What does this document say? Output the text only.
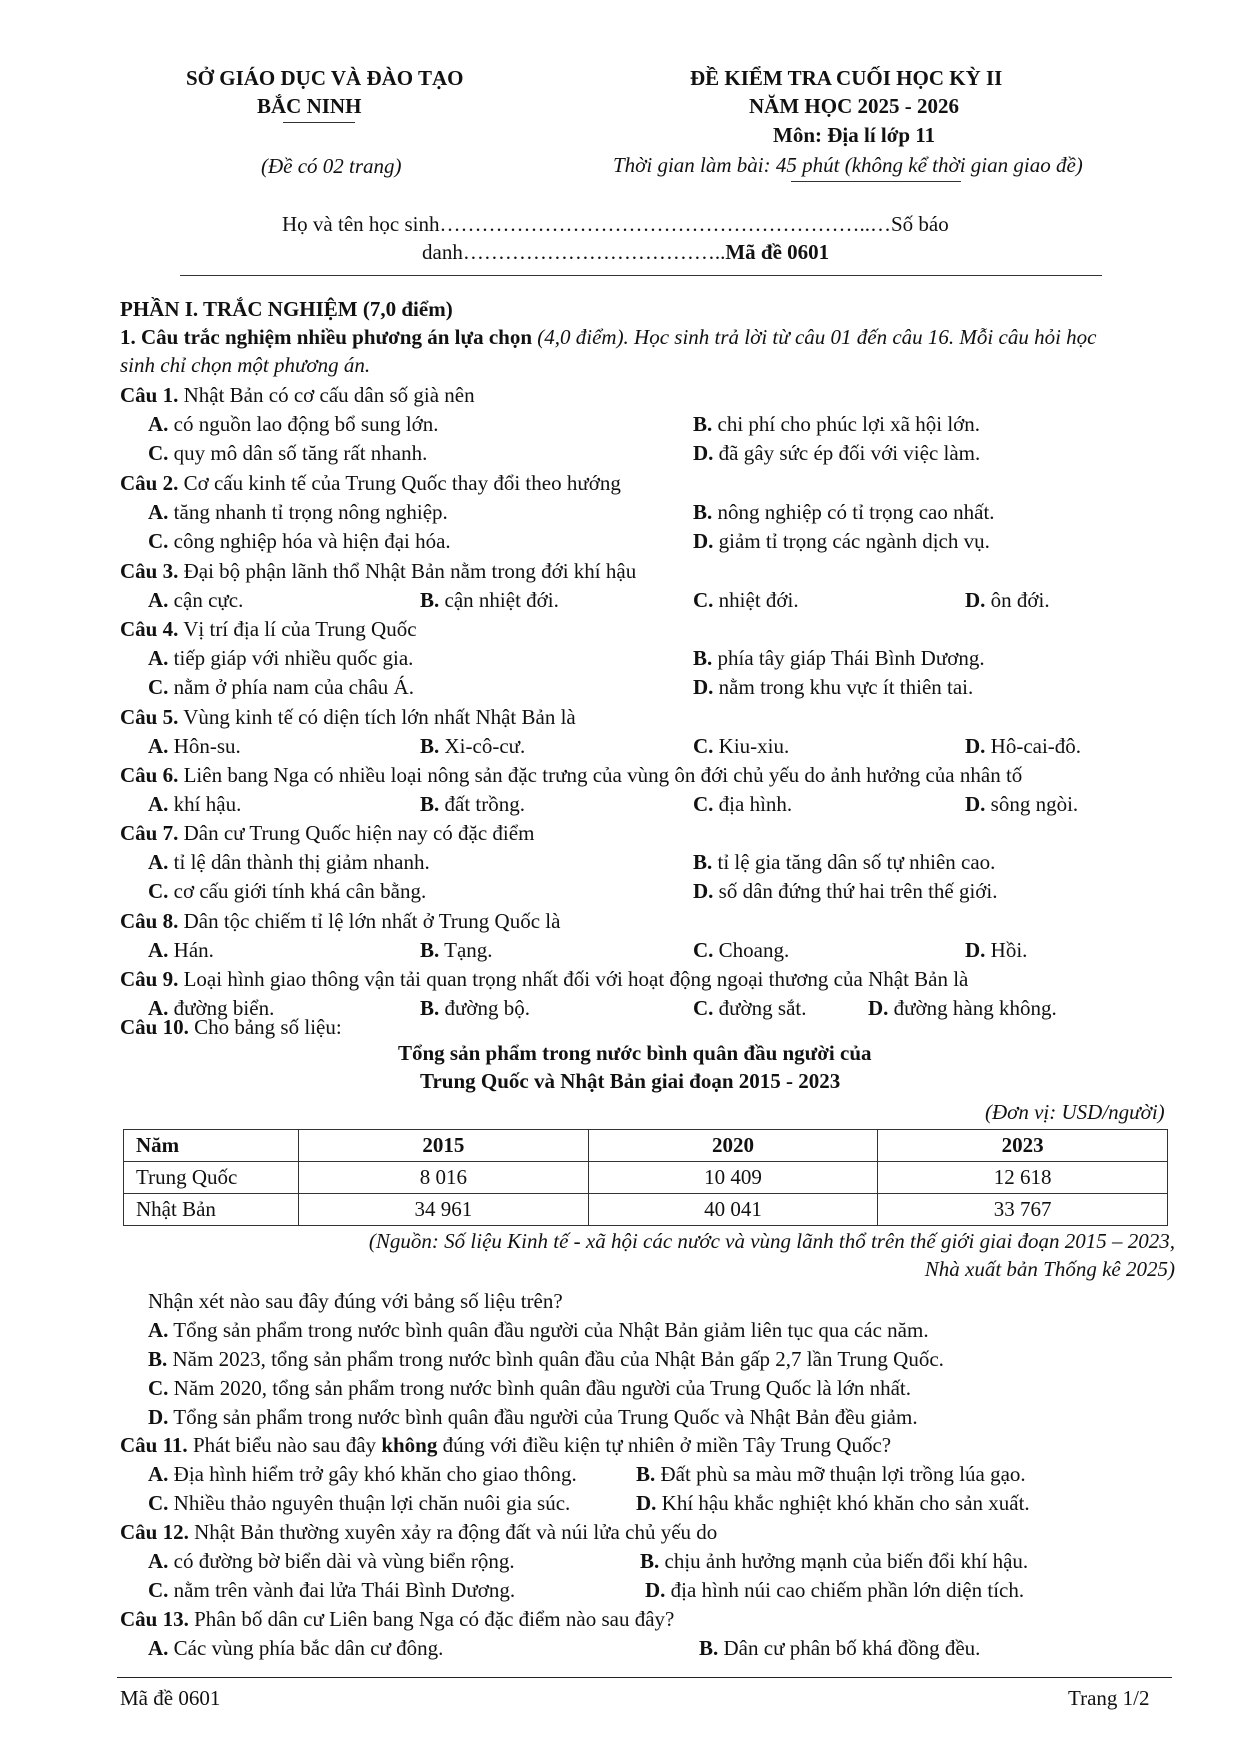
SỞ GIÁO DỤC VÀ ĐÀO TẠO
BẮC NINH
(Đề có 02 trang)
ĐỀ KIỂM TRA CUỐI HỌC KỲ II
NĂM HỌC 2025 - 2026
Môn: Địa lí lớp 11
Thời gian làm bài: 45 phút (không kể thời gian giao đề)
Họ và tên học sinh……………………………………………………..…Số báo
danh………………………………..Mã đề 0601
PHẦN I. TRẮC NGHIỆM (7,0 điểm)
1. Câu trắc nghiệm nhiều phương án lựa chọn (4,0 điểm). Học sinh trả lời từ câu 01 đến câu 16. Mỗi câu hỏi học
sinh chỉ chọn một phương án.
Câu 1. Nhật Bản có cơ cấu dân số già nên
A. có nguồn lao động bổ sung lớn.	B. chi phí cho phúc lợi xã hội lớn.
C. quy mô dân số tăng rất nhanh.	D. đã gây sức ép đối với việc làm.
Câu 2. Cơ cấu kinh tế của Trung Quốc thay đổi theo hướng
A. tăng nhanh tỉ trọng nông nghiệp.	B. nông nghiệp có tỉ trọng cao nhất.
C. công nghiệp hóa và hiện đại hóa.	D. giảm tỉ trọng các ngành dịch vụ.
Câu 3. Đại bộ phận lãnh thổ Nhật Bản nằm trong đới khí hậu
A. cận cực.	B. cận nhiệt đới.	C. nhiệt đới.	D. ôn đới.
Câu 4. Vị trí địa lí của Trung Quốc
A. tiếp giáp với nhiều quốc gia.	B. phía tây giáp Thái Bình Dương.
C. nằm ở phía nam của châu Á.	D. nằm trong khu vực ít thiên tai.
Câu 5. Vùng kinh tế có diện tích lớn nhất Nhật Bản là
A. Hôn-su.	B. Xi-cô-cư.	C. Kiu-xiu.	D. Hô-cai-đô.
Câu 6. Liên bang Nga có nhiều loại nông sản đặc trưng của vùng ôn đới chủ yếu do ảnh hưởng của nhân tố
A. khí hậu.	B. đất trồng.	C. địa hình.	D. sông ngòi.
Câu 7. Dân cư Trung Quốc hiện nay có đặc điểm
A. tỉ lệ dân thành thị giảm nhanh.	B. tỉ lệ gia tăng dân số tự nhiên cao.
C. cơ cấu giới tính khá cân bằng.	D. số dân đứng thứ hai trên thế giới.
Câu 8. Dân tộc chiếm tỉ lệ lớn nhất ở Trung Quốc là
A. Hán.	B. Tạng.	C. Choang.	D. Hồi.
Câu 9. Loại hình giao thông vận tải quan trọng nhất đối với hoạt động ngoại thương của Nhật Bản là
A. đường biển.	B. đường bộ.	C. đường sắt.	D. đường hàng không.
Câu 10. Cho bảng số liệu:
Tổng sản phẩm trong nước bình quân đầu người của
Trung Quốc và Nhật Bản giai đoạn 2015 - 2023
(Đơn vị: USD/người)
Năm	2015	2020	2023
Trung Quốc	8 016	10 409	12 618
Nhật Bản	34 961	40 041	33 767
(Nguồn: Số liệu Kinh tế - xã hội các nước và vùng lãnh thổ trên thế giới giai đoạn 2015 – 2023,
Nhà xuất bản Thống kê 2025)
Nhận xét nào sau đây đúng với bảng số liệu trên?
A. Tổng sản phẩm trong nước bình quân đầu người của Nhật Bản giảm liên tục qua các năm.
B. Năm 2023, tổng sản phẩm trong nước bình quân đầu của Nhật Bản gấp 2,7 lần Trung Quốc.
C. Năm 2020, tổng sản phẩm trong nước bình quân đầu người của Trung Quốc là lớn nhất.
D. Tổng sản phẩm trong nước bình quân đầu người của Trung Quốc và Nhật Bản đều giảm.
Câu 11. Phát biểu nào sau đây không đúng với điều kiện tự nhiên ở miền Tây Trung Quốc?
A. Địa hình hiểm trở gây khó khăn cho giao thông.	B. Đất phù sa màu mỡ thuận lợi trồng lúa gạo.
C. Nhiều thảo nguyên thuận lợi chăn nuôi gia súc.	D. Khí hậu khắc nghiệt khó khăn cho sản xuất.
Câu 12. Nhật Bản thường xuyên xảy ra động đất và núi lửa chủ yếu do
A. có đường bờ biển dài và vùng biển rộng.	B. chịu ảnh hưởng mạnh của biến đổi khí hậu.
C. nằm trên vành đai lửa Thái Bình Dương.	D. địa hình núi cao chiếm phần lớn diện tích.
Câu 13. Phân bố dân cư Liên bang Nga có đặc điểm nào sau đây?
A. Các vùng phía bắc dân cư đông.	B. Dân cư phân bố khá đồng đều.
Mã đề 0601	Trang 1/2
